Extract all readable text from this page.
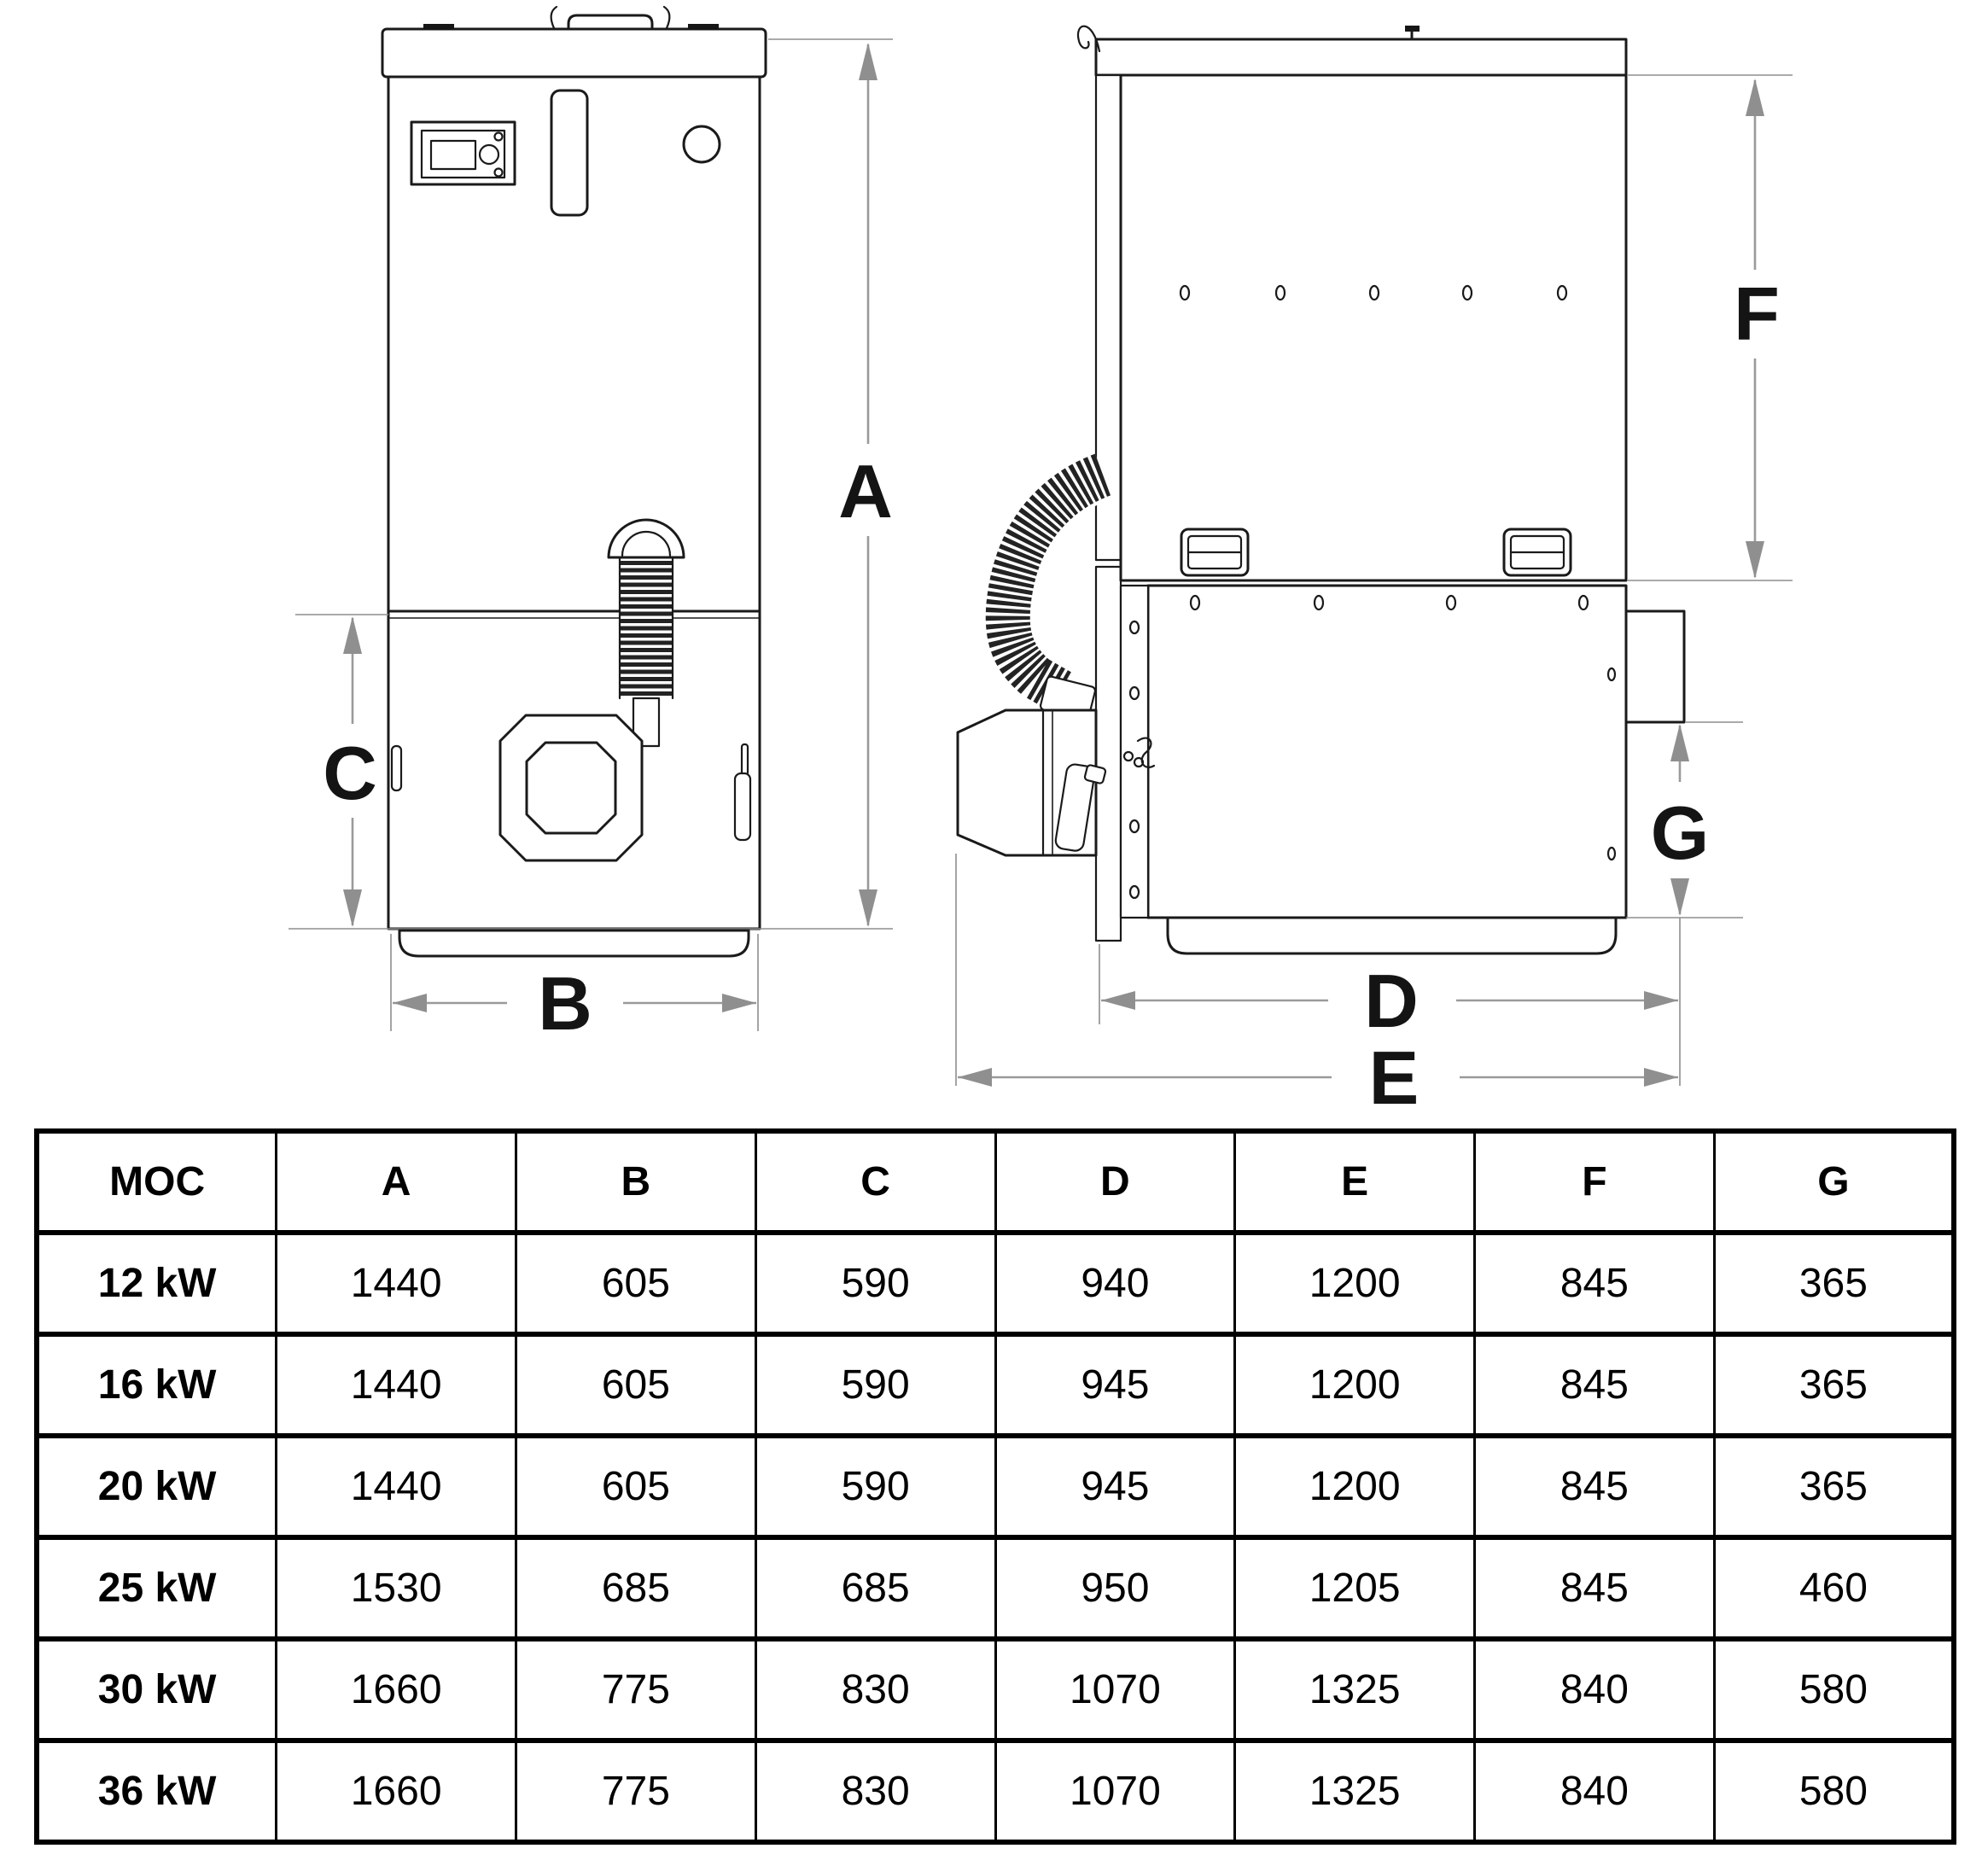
A
C
B
F
G
D
E
MOC	A	B	C	D	E	F	G
12 kW	1440	605	590	940	1200	845	365
16 kW	1440	605	590	945	1200	845	365
20 kW	1440	605	590	945	1200	845	365
25 kW	1530	685	685	950	1205	845	460
30 kW	1660	775	830	1070	1325	840	580
36 kW	1660	775	830	1070	1325	840	580
